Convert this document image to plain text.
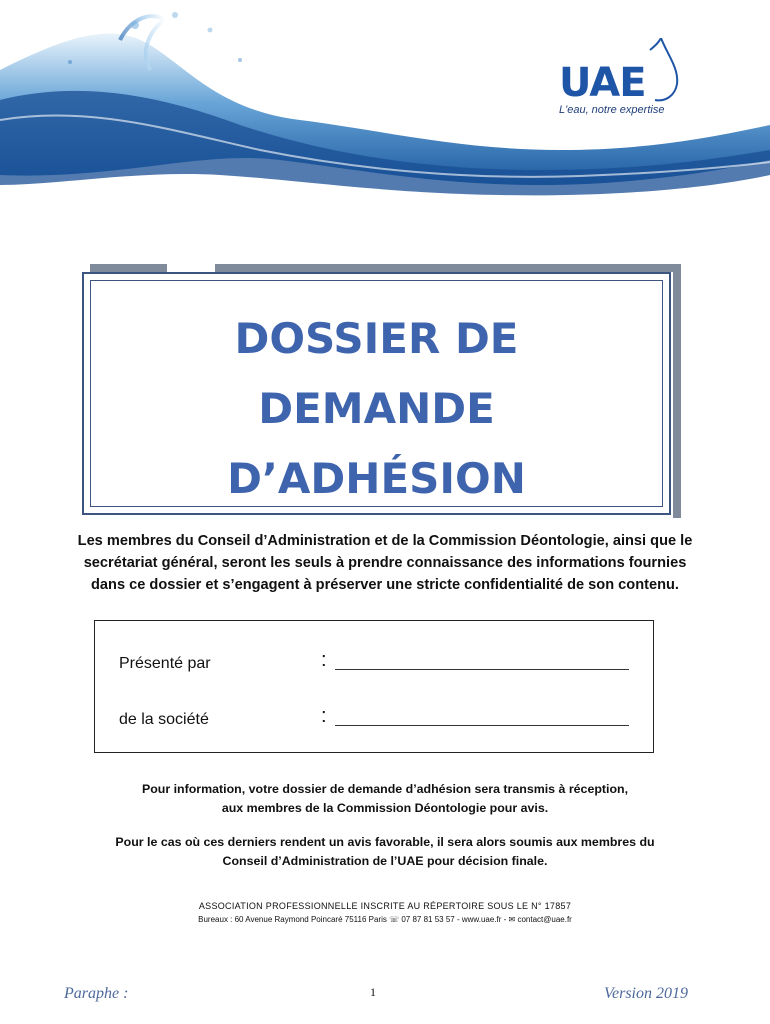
UAE
L'eau, notre expertise
DOSSIER DE
DEMANDE
D’ADHÉSION
Les membres du Conseil d’Administration et de la Commission Déontologie, ainsi que le
secrétariat général, seront les seuls à prendre connaissance des informations fournies
dans ce dossier et s’engagent à préserver une stricte confidentialité de son contenu.
Présenté par	:
de la société	:
Pour information, votre dossier de demande d’adhésion sera transmis à réception,
aux membres de la Commission Déontologie pour avis.
Pour le cas où ces derniers rendent un avis favorable, il sera alors soumis aux membres du
Conseil d’Administration de l’UAE pour décision finale.
ASSOCIATION PROFESSIONNELLE INSCRITE AU RÉPERTOIRE SOUS LE N° 17857
Bureaux : 60 Avenue Raymond Poincaré 75116 Paris ☏ 07 87 81 53 57 - www.uae.fr - ✉ contact@uae.fr
Paraphe :	1	Version 2019
